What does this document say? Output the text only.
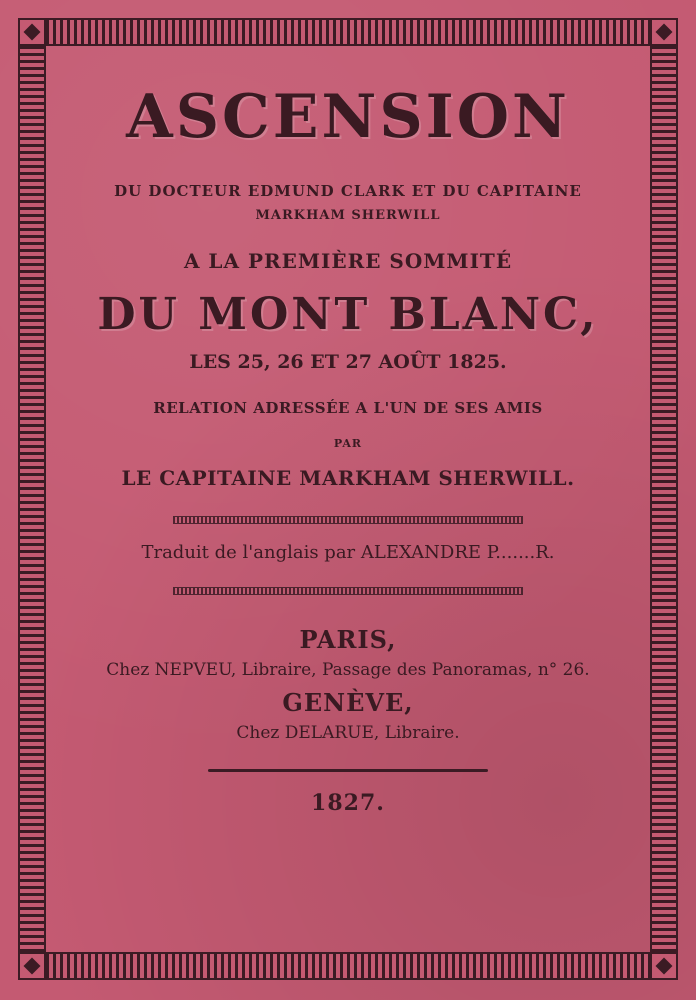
ASCENSION
DU DOCTEUR EDMUND CLARK ET DU CAPITAINE
MARKHAM SHERWILL
A LA PREMIÈRE SOMMITÉ
DU MONT BLANC,
LES 25, 26 ET 27 AOÛT 1825.
RELATION ADRESSÉE A L'UN DE SES AMIS
PAR
LE CAPITAINE MARKHAM SHERWILL.
Traduit de l'anglais par ALEXANDRE P.......R.
PARIS,
Chez NEPVEU, Libraire, Passage des Panoramas, n° 26.
GENÈVE,
Chez DELARUE, Libraire.
1827.
